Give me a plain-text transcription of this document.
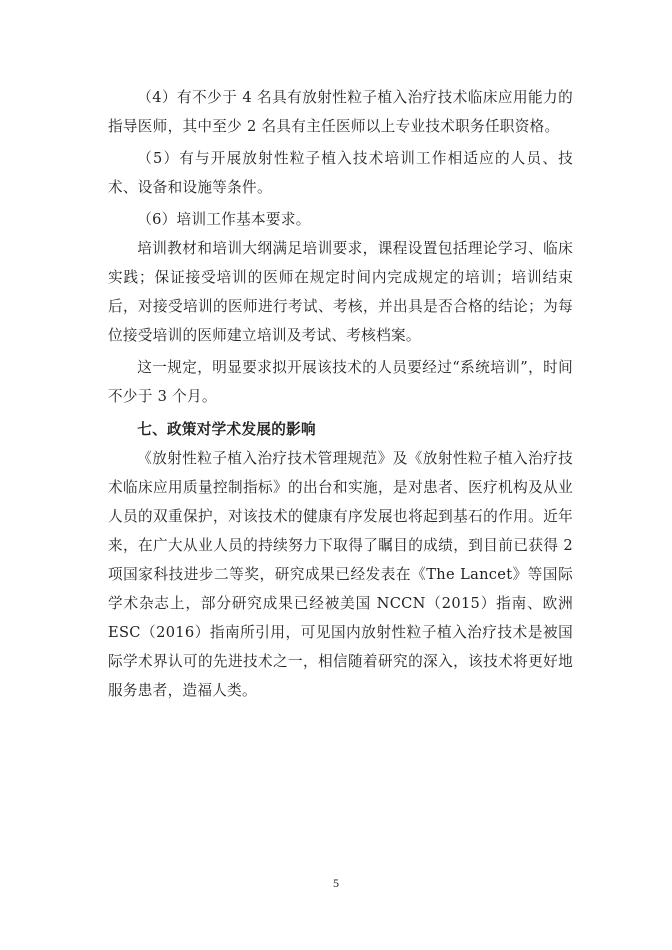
（4）有不少于 4 名具有放射性粒子植入治疗技术临床应用能力的指导医师，其中至少 2 名具有主任医师以上专业技术职务任职资格。

（5）有与开展放射性粒子植入技术培训工作相适应的人员、技术、设备和设施等条件。

（6）培训工作基本要求。

培训教材和培训大纲满足培训要求，课程设置包括理论学习、临床实践；保证接受培训的医师在规定时间内完成规定的培训；培训结束后，对接受培训的医师进行考试、考核，并出具是否合格的结论；为每位接受培训的医师建立培训及考试、考核档案。

这一规定，明显要求拟开展该技术的人员要经过“系统培训”，时间不少于 3 个月。

七、政策对学术发展的影响

《放射性粒子植入治疗技术管理规范》及《放射性粒子植入治疗技术临床应用质量控制指标》的出台和实施，是对患者、医疗机构及从业人员的双重保护，对该技术的健康有序发展也将起到基石的作用。近年来，在广大从业人员的持续努力下取得了瞩目的成绩，到目前已获得 2 项国家科技进步二等奖，研究成果已经发表在《The Lancet》等国际学术杂志上，部分研究成果已经被美国 NCCN（2015）指南、欧洲 ESC（2016）指南所引用，可见国内放射性粒子植入治疗技术是被国际学术界认可的先进技术之一，相信随着研究的深入，该技术将更好地服务患者，造福人类。

5
